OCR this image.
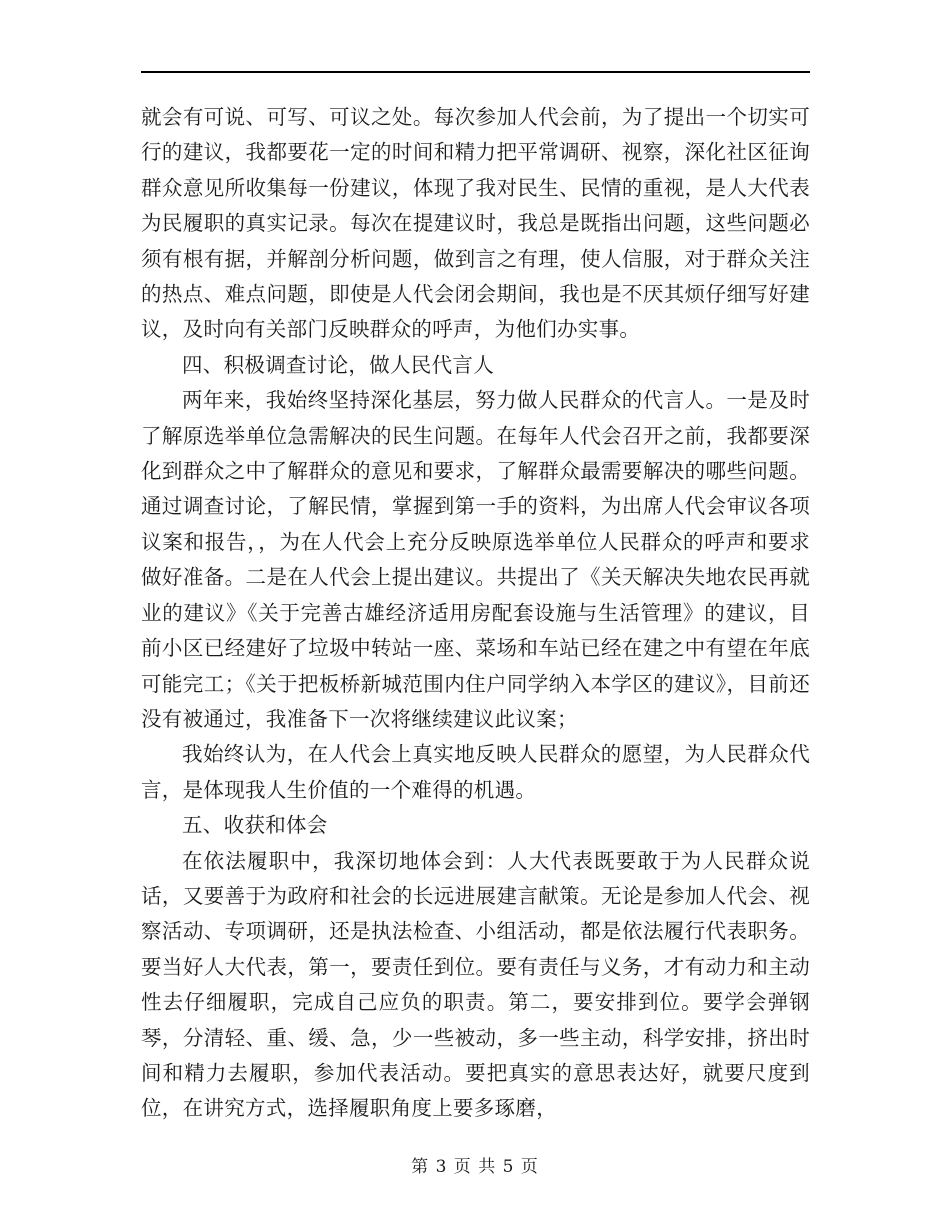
就会有可说、可写、可议之处。每次参加人代会前，为了提出一个切实可行的建议，我都要花一定的时间和精力把平常调研、视察，深化社区征询群众意见所收集每一份建议，体现了我对民生、民情的重视，是人大代表为民履职的真实记录。每次在提建议时，我总是既指出问题，这些问题必须有根有据，并解剖分析问题，做到言之有理，使人信服，对于群众关注的热点、难点问题，即使是人代会闭会期间，我也是不厌其烦仔细写好建议，及时向有关部门反映群众的呼声，为他们办实事。

四、积极调查讨论，做人民代言人

两年来，我始终坚持深化基层，努力做人民群众的代言人。一是及时了解原选举单位急需解决的民生问题。在每年人代会召开之前，我都要深化到群众之中了解群众的意见和要求，了解群众最需要解决的哪些问题。通过调查讨论，了解民情，掌握到第一手的资料，为出席人代会审议各项议案和报告，，为在人代会上充分反映原选举单位人民群众的呼声和要求做好准备。二是在人代会上提出建议。共提出了《关天解决失地农民再就业的建议》《关于完善古雄经济适用房配套设施与生活管理》的建议，目前小区已经建好了垃圾中转站一座、菜场和车站已经在建之中有望在年底可能完工；《关于把板桥新城范围内住户同学纳入本学区的建议》，目前还没有被通过，我准备下一次将继续建议此议案；

我始终认为，在人代会上真实地反映人民群众的愿望，为人民群众代言，是体现我人生价值的一个难得的机遇。

五、收获和体会

在依法履职中，我深切地体会到：人大代表既要敢于为人民群众说话，又要善于为政府和社会的长远进展建言献策。无论是参加人代会、视察活动、专项调研，还是执法检查、小组活动，都是依法履行代表职务。要当好人大代表，第一，要责任到位。要有责任与义务，才有动力和主动性去仔细履职，完成自己应负的职责。第二，要安排到位。要学会弹钢琴，分清轻、重、缓、急，少一些被动，多一些主动，科学安排，挤出时间和精力去履职，参加代表活动。要把真实的意思表达好，就要尺度到位，在讲究方式，选择履职角度上要多琢磨，

第 3 页 共 5 页
